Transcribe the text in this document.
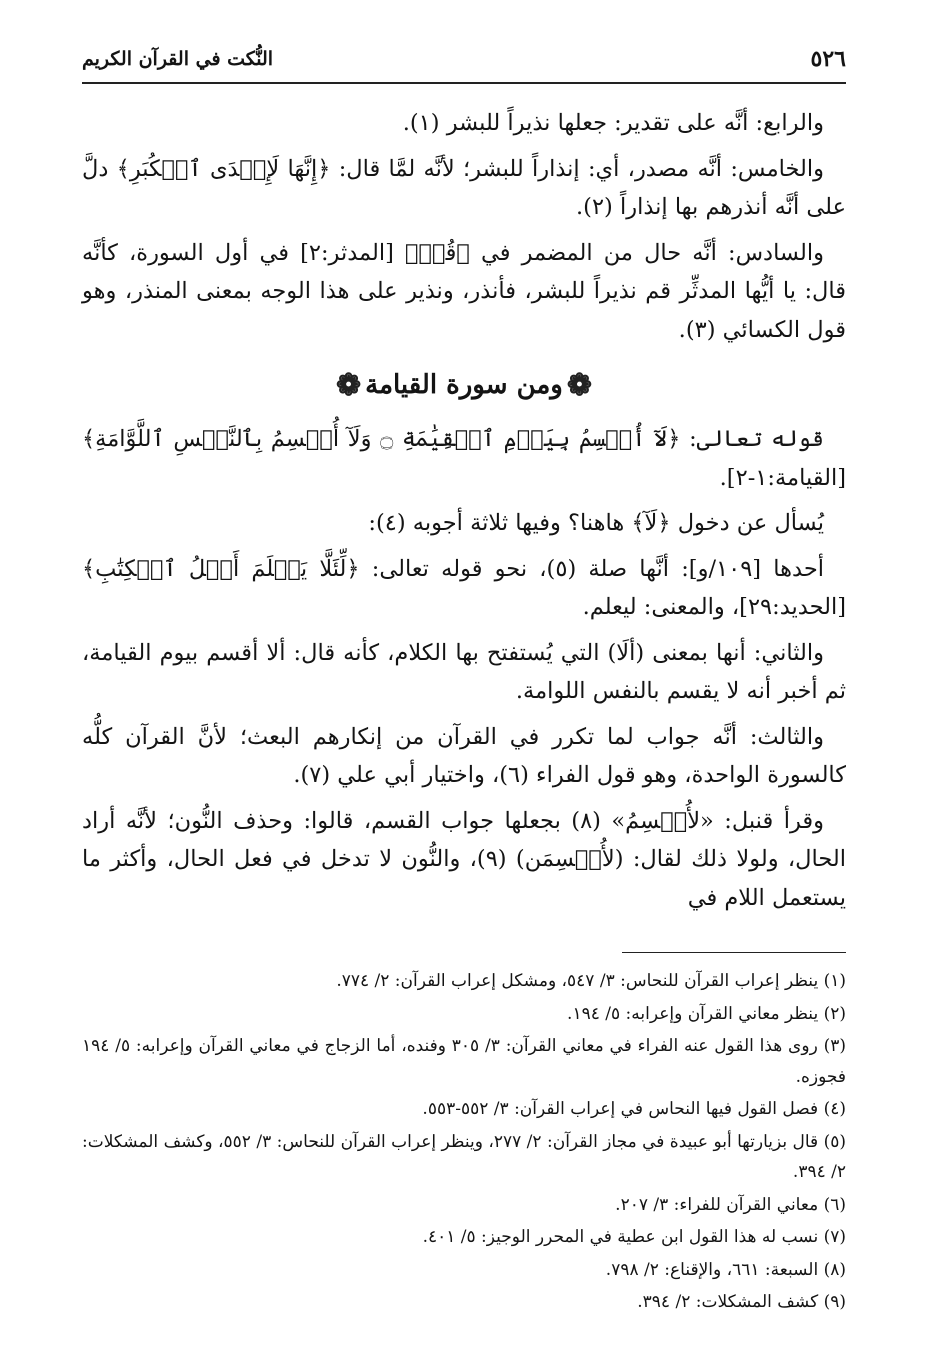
٥٢٦
النُّكت في القرآن الكريم

والرابع: أنَّه على تقدير: جعلها نذيراً للبشر (١).

والخامس: أنَّه مصدر، أي: إنذاراً للبشر؛ لأنَّه لمَّا قال: ﴿إِنَّهَا لَإِحۡدَى ٱلۡكُبَرِ﴾ دلَّ على أنَّه أنذرهم بها إنذاراً (٢).

والسادس: أنَّه حال من المضمر في ﴿قُمۡ﴾ [المدثر:٢] في أول السورة، كأنَّه قال: يا أيُّها المدثِّر قم نذيراً للبشر، فأنذر، ونذير على هذا الوجه بمعنى المنذر، وهو قول الكسائي (٣).

❁ومن سورة القيامة❁

قوله تعالى: ﴿لَآ أُقۡسِمُ بِيَوۡمِ ٱلۡقِيَٰمَةِ ۝ وَلَآ أُقۡسِمُ بِٱلنَّفۡسِ ٱللَّوَّامَةِ﴾ [القيامة:١-٢].

يُسأل عن دخول ﴿لَآ﴾ هاهنا؟ وفيها ثلاثة أجوبه (٤):

أحدها [١٠٩/و]: أنَّها صلة (٥)، نحو قوله تعالى: ﴿لِّئَلَّا يَعۡلَمَ أَهۡلُ ٱلۡكِتَٰبِ﴾ [الحديد:٢٩]، والمعنى: ليعلم.

والثاني: أنها بمعنى (ألَا) التي يُستفتح بها الكلام، كأنه قال: ألا أقسم بيوم القيامة، ثم أخبر أنه لا يقسم بالنفس اللوامة.

والثالث: أنَّه جواب لما تكرر في القرآن من إنكارهم البعث؛ لأنَّ القرآن كلُّه كالسورة الواحدة، وهو قول الفراء (٦)، واختيار أبي علي (٧).

وقرأ قنبل: «لأُقۡسِمُ» (٨) بجعلها جواب القسم، قالوا: وحذف النُّون؛ لأنَّه أراد الحال، ولولا ذلك لقال: (لأُقۡسِمَن) (٩)، والنُّون لا تدخل في فعل الحال، وأكثر ما يستعمل اللام في

(١) ينظر إعراب القرآن للنحاس: ٣/ ٥٤٧، ومشكل إعراب القرآن: ٢/ ٧٧٤.
(٢) ينظر معاني القرآن وإعرابه: ٥/ ١٩٤.
(٣) روى هذا القول عنه الفراء في معاني القرآن: ٣/ ٣٠٥ وفنده، أما الزجاج في معاني القرآن وإعرابه: ٥/ ١٩٤ فجوزه.
(٤) فصل القول فيها النحاس في إعراب القرآن: ٣/ ٥٥٢-٥٥٣.
(٥) قال بزيارتها أبو عبيدة في مجاز القرآن: ٢/ ٢٧٧، وينظر إعراب القرآن للنحاس: ٣/ ٥٥٢، وكشف المشكلات: ٢/ ٣٩٤.
(٦) معاني القرآن للفراء: ٣/ ٢٠٧.
(٧) نسب له هذا القول ابن عطية في المحرر الوجيز: ٥/ ٤٠١.
(٨) السبعة: ٦٦١، والإقناع: ٢/ ٧٩٨.
(٩) كشف المشكلات: ٢/ ٣٩٤.
